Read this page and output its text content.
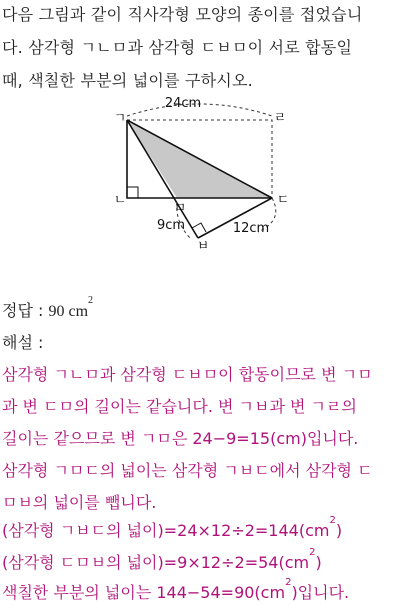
다음 그림과 같이 직사각형 모양의 종이를 접었습니
다. 삼각형 ㄱㄴㅁ과 삼각형 ㄷㅂㅁ이 서로 합동일
때, 색칠한 부분의 넓이를 구하시오.
24cm
ㄱ	ㄹ
ㄴ
ㅁ
ㄷ
ㅂ
9cm	12cm
정답 : 90 $cm^2$
해설 :
삼각형 ㄱㄴㅁ과 삼각형 ㄷㅂㅁ이 합동이므로 변 ㄱㅁ
과 변 ㄷㅁ의 길이는 같습니다. 변 ㄱㅂ과 변 ㄱㄹ의
길이는 같으므로 변 ㄱㅁ은 24−9=15(cm)입니다.
삼각형 ㄱㅁㄷ의 넓이는 삼각형 ㄱㅂㄷ에서 삼각형 ㄷ
ㅁㅂ의 넓이를 뺍니다.
(삼각형 ㄱㅂㄷ의 넓이)$=24\times 12\div 2=144(cm^2)$
(삼각형 ㄷㅁㅂ의 넓이)$=9\times 12\div 2=54(cm^2)$
색칠한 부분의 넓이는 $144-54=90(cm^2)$입니다.
